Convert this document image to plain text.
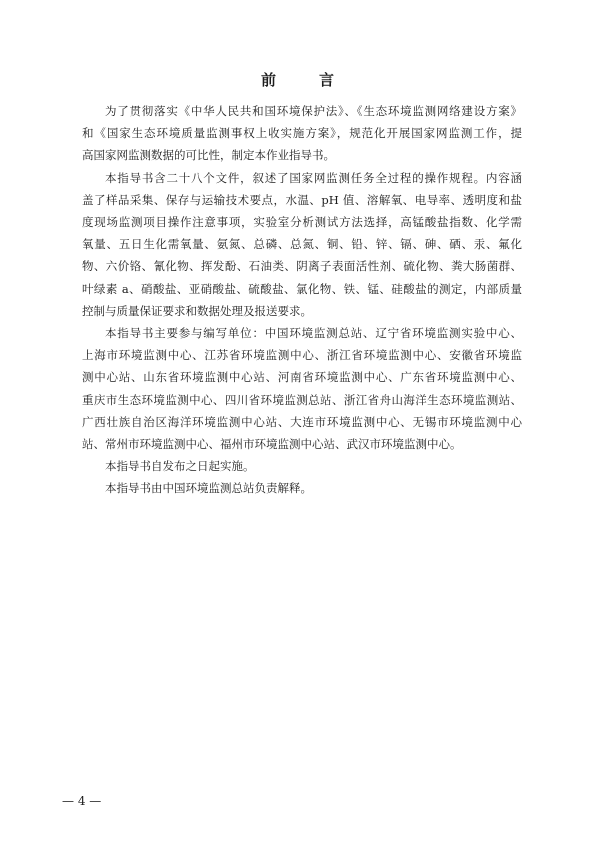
前　言

为了贯彻落实《中华人民共和国环境保护法》、《生态环境监测网络建设方案》
和《国家生态环境质量监测事权上收实施方案》，规范化开展国家网监测工作，提
高国家网监测数据的可比性，制定本作业指导书。

本指导书含二十八个文件，叙述了国家网监测任务全过程的操作规程。内容涵
盖了样品采集、保存与运输技术要点，水温、pH 值、溶解氧、电导率、透明度和盐
度现场监测项目操作注意事项，实验室分析测试方法选择，高锰酸盐指数、化学需
氧量、五日生化需氧量、氨氮、总磷、总氮、铜、铅、锌、镉、砷、硒、汞、氟化
物、六价铬、氰化物、挥发酚、石油类、阴离子表面活性剂、硫化物、粪大肠菌群、
叶绿素 a、硝酸盐、亚硝酸盐、硫酸盐、氯化物、铁、锰、硅酸盐的测定，内部质量
控制与质量保证要求和数据处理及报送要求。

本指导书主要参与编写单位：中国环境监测总站、辽宁省环境监测实验中心、
上海市环境监测中心、江苏省环境监测中心、浙江省环境监测中心、安徽省环境监
测中心站、山东省环境监测中心站、河南省环境监测中心、广东省环境监测中心、
重庆市生态环境监测中心、四川省环境监测总站、浙江省舟山海洋生态环境监测站、
广西壮族自治区海洋环境监测中心站、大连市环境监测中心、无锡市环境监测中心
站、常州市环境监测中心、福州市环境监测中心站、武汉市环境监测中心。

本指导书自发布之日起实施。

本指导书由中国环境监测总站负责解释。

— 4 —
